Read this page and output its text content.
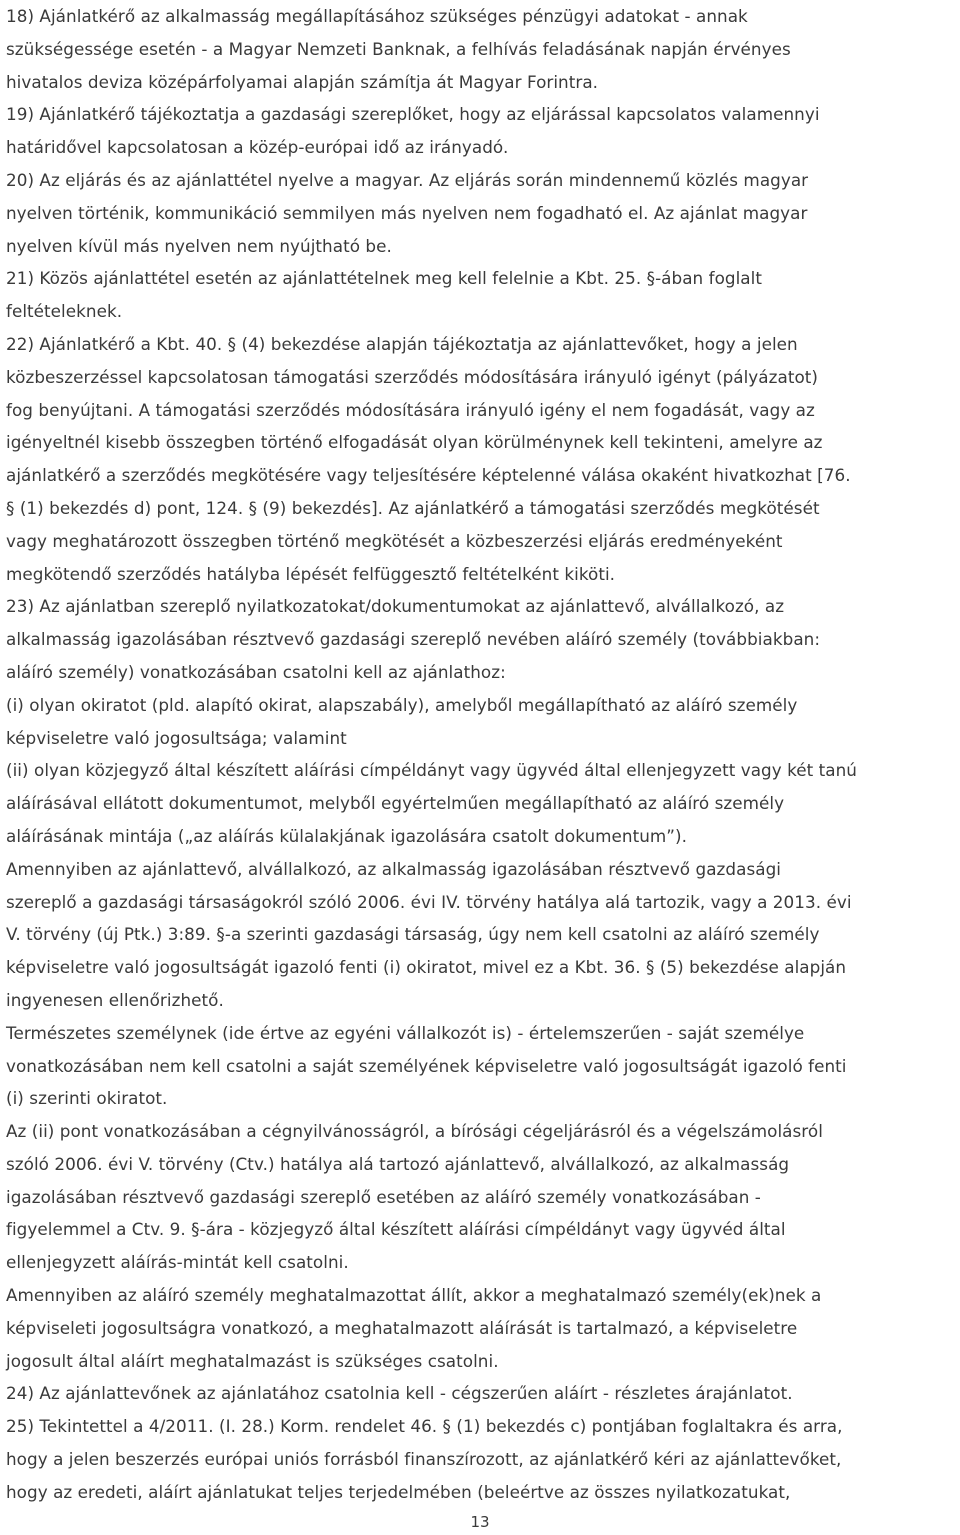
18) Ajánlatkérő az alkalmasság megállapításához szükséges pénzügyi adatokat - annak
szükségessége esetén - a Magyar Nemzeti Banknak, a felhívás feladásának napján érvényes
hivatalos deviza középárfolyamai alapján számítja át Magyar Forintra.
19) Ajánlatkérő tájékoztatja a gazdasági szereplőket, hogy az eljárással kapcsolatos valamennyi
határidővel kapcsolatosan a közép-európai idő az irányadó.
20) Az eljárás és az ajánlattétel nyelve a magyar. Az eljárás során mindennemű közlés magyar
nyelven történik, kommunikáció semmilyen más nyelven nem fogadható el. Az ajánlat magyar
nyelven kívül más nyelven nem nyújtható be.
21) Közös ajánlattétel esetén az ajánlattételnek meg kell felelnie a Kbt. 25. §-ában foglalt
feltételeknek.
22) Ajánlatkérő a Kbt. 40. § (4) bekezdése alapján tájékoztatja az ajánlattevőket, hogy a jelen
közbeszerzéssel kapcsolatosan támogatási szerződés módosítására irányuló igényt (pályázatot)
fog benyújtani. A támogatási szerződés módosítására irányuló igény el nem fogadását, vagy az
igényeltnél kisebb összegben történő elfogadását olyan körülménynek kell tekinteni, amelyre az
ajánlatkérő a szerződés megkötésére vagy teljesítésére képtelenné válása okaként hivatkozhat [76.
§ (1) bekezdés d) pont, 124. § (9) bekezdés]. Az ajánlatkérő a támogatási szerződés megkötését
vagy meghatározott összegben történő megkötését a közbeszerzési eljárás eredményeként
megkötendő szerződés hatályba lépését felfüggesztő feltételként kiköti.
23) Az ajánlatban szereplő nyilatkozatokat/dokumentumokat az ajánlattevő, alvállalkozó, az
alkalmasság igazolásában résztvevő gazdasági szereplő nevében aláíró személy (továbbiakban:
aláíró személy) vonatkozásában csatolni kell az ajánlathoz:
(i) olyan okiratot (pld. alapító okirat, alapszabály), amelyből megállapítható az aláíró személy
képviseletre való jogosultsága; valamint
(ii) olyan közjegyző által készített aláírási címpéldányt vagy ügyvéd által ellenjegyzett vagy két tanú
aláírásával ellátott dokumentumot, melyből egyértelműen megállapítható az aláíró személy
aláírásának mintája („az aláírás külalakjának igazolására csatolt dokumentum”).
Amennyiben az ajánlattevő, alvállalkozó, az alkalmasság igazolásában résztvevő gazdasági
szereplő a gazdasági társaságokról szóló 2006. évi IV. törvény hatálya alá tartozik, vagy a 2013. évi
V. törvény (új Ptk.) 3:89. §-a szerinti gazdasági társaság, úgy nem kell csatolni az aláíró személy
képviseletre való jogosultságát igazoló fenti (i) okiratot, mivel ez a Kbt. 36. § (5) bekezdése alapján
ingyenesen ellenőrizhető.
Természetes személynek (ide értve az egyéni vállalkozót is) - értelemszerűen - saját személye
vonatkozásában nem kell csatolni a saját személyének képviseletre való jogosultságát igazoló fenti
(i) szerinti okiratot.
Az (ii) pont vonatkozásában a cégnyilvánosságról, a bírósági cégeljárásról és a végelszámolásról
szóló 2006. évi V. törvény (Ctv.) hatálya alá tartozó ajánlattevő, alvállalkozó, az alkalmasság
igazolásában résztvevő gazdasági szereplő esetében az aláíró személy vonatkozásában -
figyelemmel a Ctv. 9. §-ára - közjegyző által készített aláírási címpéldányt vagy ügyvéd által
ellenjegyzett aláírás-mintát kell csatolni.
Amennyiben az aláíró személy meghatalmazottat állít, akkor a meghatalmazó személy(ek)nek a
képviseleti jogosultságra vonatkozó, a meghatalmazott aláírását is tartalmazó, a képviseletre
jogosult által aláírt meghatalmazást is szükséges csatolni.
24) Az ajánlattevőnek az ajánlatához csatolnia kell - cégszerűen aláírt - részletes árajánlatot.
25) Tekintettel a 4/2011. (I. 28.) Korm. rendelet 46. § (1) bekezdés c) pontjában foglaltakra és arra,
hogy a jelen beszerzés európai uniós forrásból finanszírozott, az ajánlatkérő kéri az ajánlattevőket,
hogy az eredeti, aláírt ajánlatukat teljes terjedelmében (beleértve az összes nyilatkozatukat,
13
